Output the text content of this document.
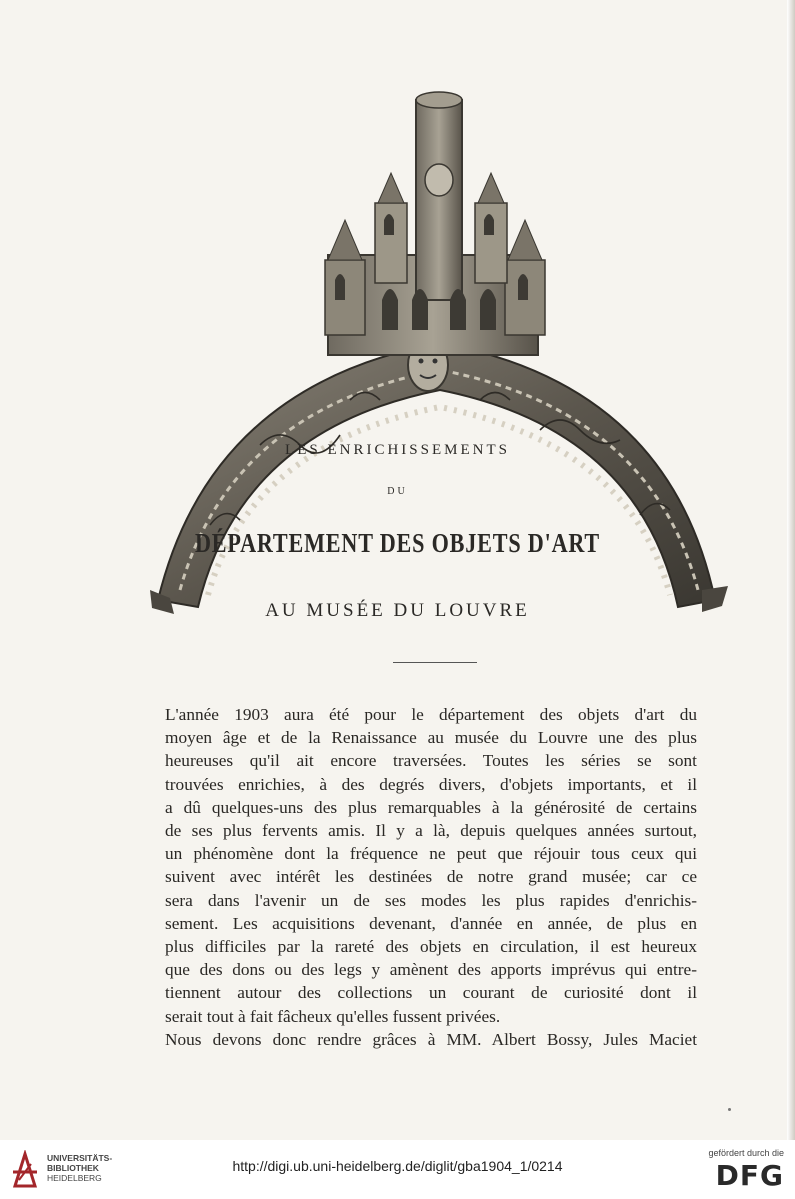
LES ENRICHISSEMENTS
DU
DÉPARTEMENT DES OBJETS D'ART
AU MUSÉE DU LOUVRE
L'année 1903 aura été pour le département des objets d'art du
moyen âge et de la Renaissance au musée du Louvre une des plus
heureuses qu'il ait encore traversées. Toutes les séries se sont
trouvées enrichies, à des degrés divers, d'objets importants, et il
a dû quelques-uns des plus remarquables à la générosité de certains
de ses plus fervents amis. Il y a là, depuis quelques années surtout,
un phénomène dont la fréquence ne peut que réjouir tous ceux qui
suivent avec intérêt les destinées de notre grand musée; car ce
sera dans l'avenir un de ses modes les plus rapides d'enrichis-
sement. Les acquisitions devenant, d'année en année, de plus en
plus difficiles par la rareté des objets en circulation, il est heureux
que des dons ou des legs y amènent des apports imprévus qui entre-
tiennent autour des collections un courant de curiosité dont il
serait tout à fait fâcheux qu'elles fussent privées.
Nous devons donc rendre grâces à MM. Albert Bossy, Jules Maciet
UNIVERSITÄTS-
BIBLIOTHEK
HEIDELBERG
http://digi.ub.uni-heidelberg.de/diglit/gba1904_1/0214
gefördert durch die
DFG
